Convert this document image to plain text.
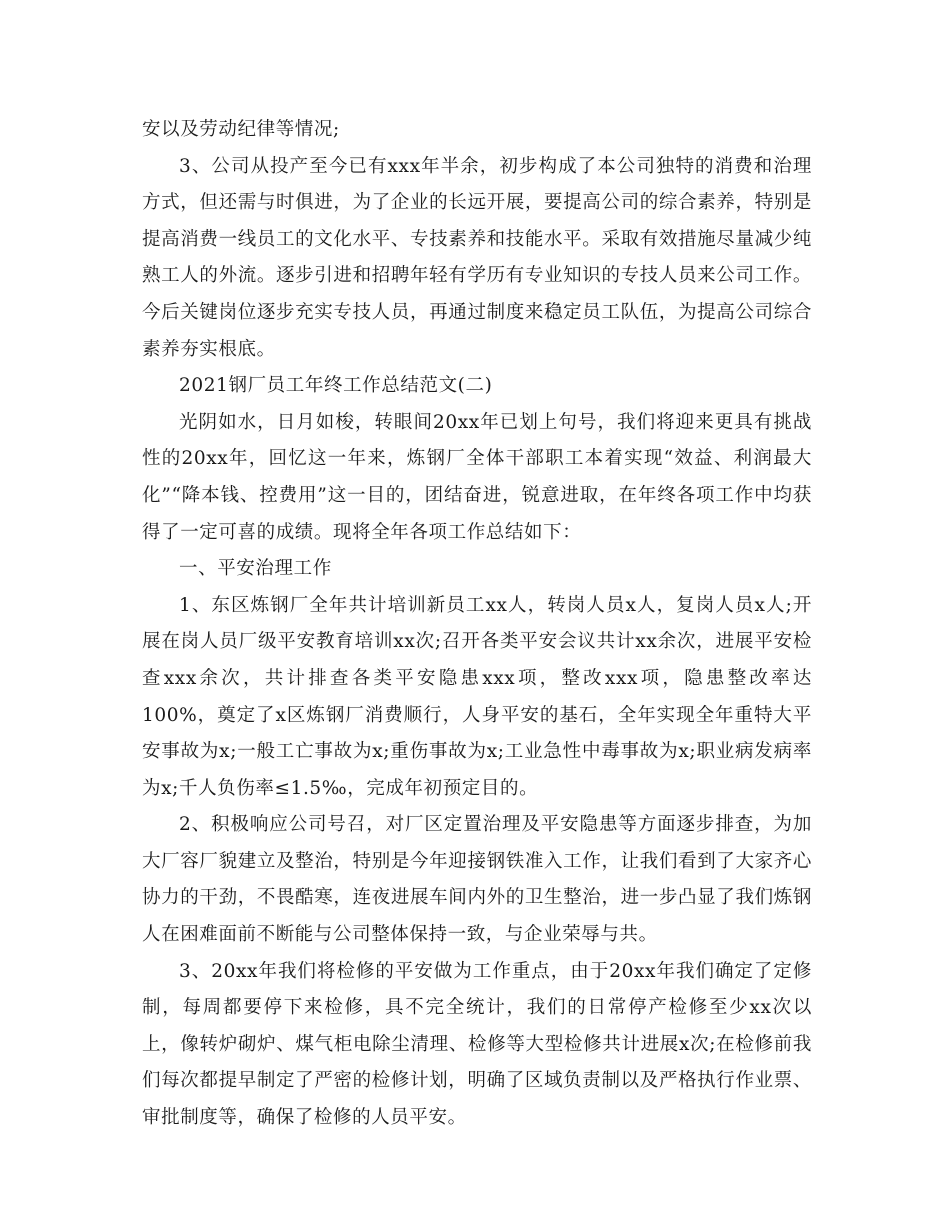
安以及劳动纪律等情况;

3、公司从投产至今已有xxx年半余，初步构成了本公司独特的消费和治理方式，但还需与时俱进，为了企业的长远开展，要提高公司的综合素养，特别是提高消费一线员工的文化水平、专技素养和技能水平。采取有效措施尽量减少纯熟工人的外流。逐步引进和招聘年轻有学历有专业知识的专技人员来公司工作。今后关键岗位逐步充实专技人员，再通过制度来稳定员工队伍，为提高公司综合素养夯实根底。

2021钢厂员工年终工作总结范文(二)

光阴如水，日月如梭，转眼间20xx年已划上句号，我们将迎来更具有挑战性的20xx年，回忆这一年来，炼钢厂全体干部职工本着实现“效益、利润最大化”“降本钱、控费用”这一目的，团结奋进，锐意进取，在年终各项工作中均获得了一定可喜的成绩。现将全年各项工作总结如下：

一、平安治理工作

1、东区炼钢厂全年共计培训新员工xx人，转岗人员x人，复岗人员x人;开展在岗人员厂级平安教育培训xx次;召开各类平安会议共计xx余次，进展平安检查xxx余次，共计排查各类平安隐患xxx项，整改xxx项，隐患整改率达100%，奠定了x区炼钢厂消费顺行，人身平安的基石，全年实现全年重特大平安事故为x;一般工亡事故为x;重伤事故为x;工业急性中毒事故为x;职业病发病率为x;千人负伤率≤1.5‰，完成年初预定目的。

2、积极响应公司号召，对厂区定置治理及平安隐患等方面逐步排查，为加大厂容厂貌建立及整治，特别是今年迎接钢铁准入工作，让我们看到了大家齐心协力的干劲，不畏酷寒，连夜进展车间内外的卫生整治，进一步凸显了我们炼钢人在困难面前不断能与公司整体保持一致，与企业荣辱与共。

3、20xx年我们将检修的平安做为工作重点，由于20xx年我们确定了定修制，每周都要停下来检修，具不完全统计，我们的日常停产检修至少xx次以上，像转炉砌炉、煤气柜电除尘清理、检修等大型检修共计进展x次;在检修前我们每次都提早制定了严密的检修计划，明确了区域负责制以及严格执行作业票、审批制度等，确保了检修的人员平安。
